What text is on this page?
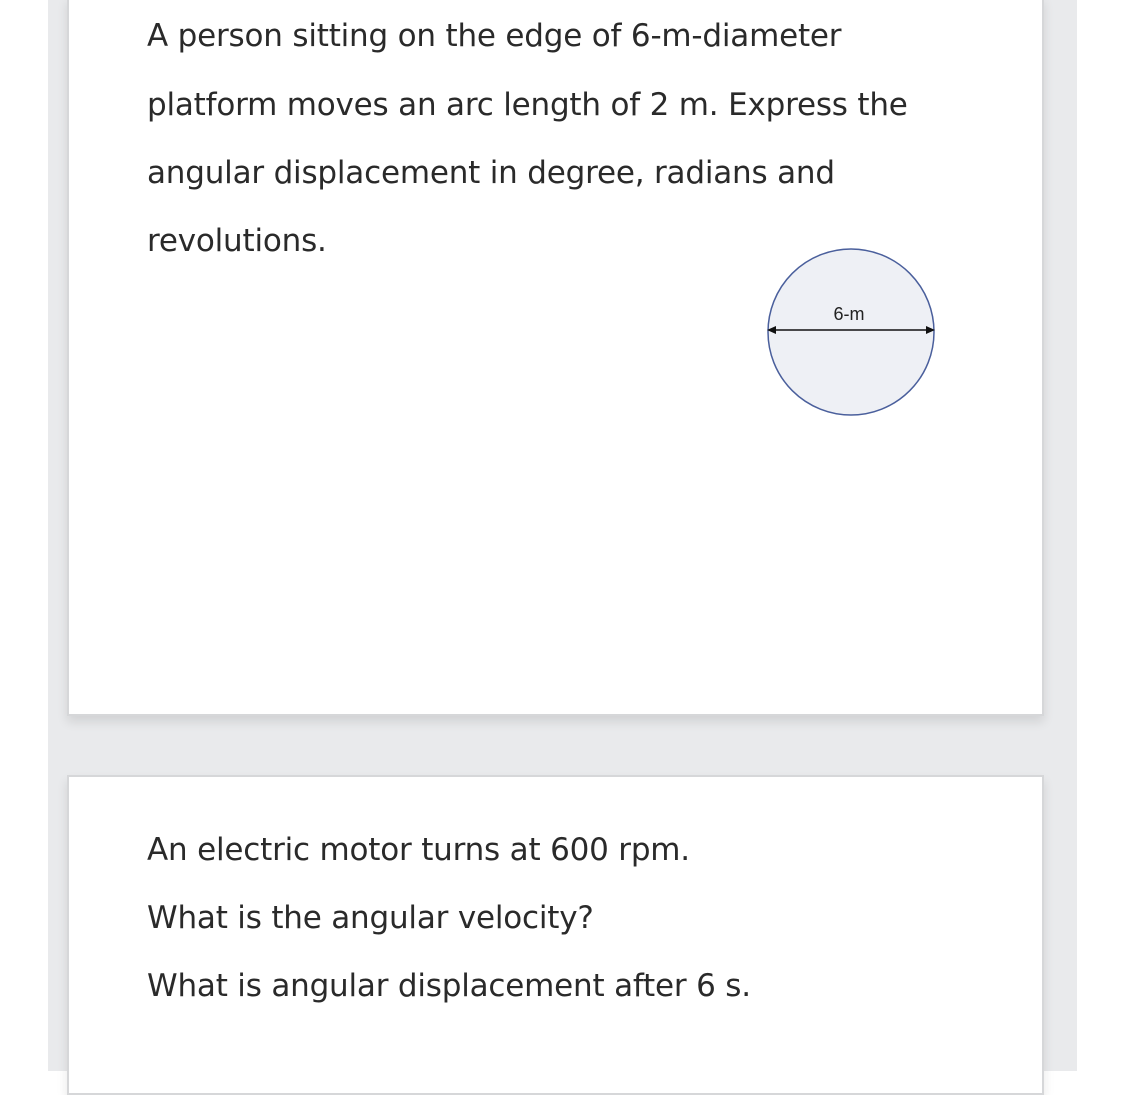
A person sitting on the edge of 6-m-diameter

platform moves an arc length of 2 m. Express the

angular displacement in degree, radians and

revolutions.

6-m

An electric motor turns at 600 rpm.

What is the angular velocity?

What is angular displacement after 6 s.
